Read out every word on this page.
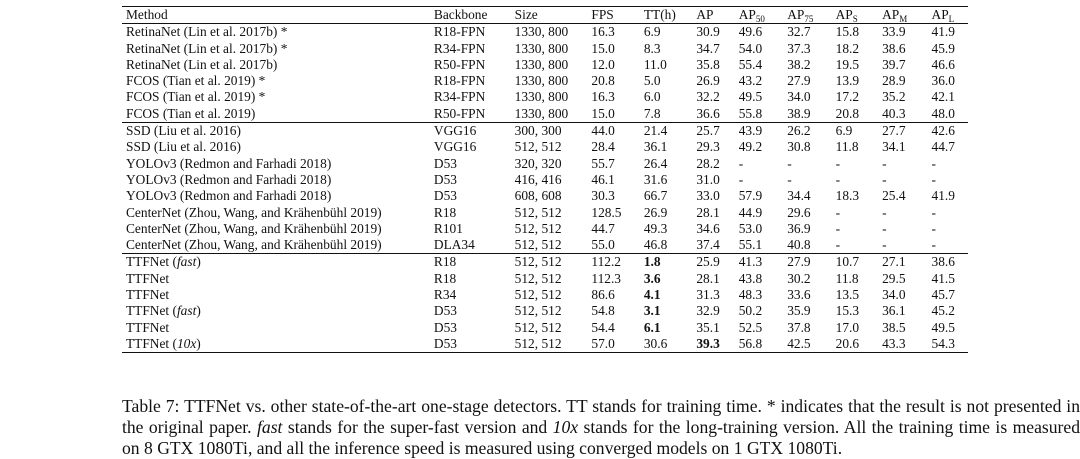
Method	Backbone	Size	FPS	TT(h)	AP	$AP_{50}$	$AP_{75}$	$AP_S$	$AP_M$	$AP_L$
RetinaNet (Lin et al. 2017b) *	R18-FPN	1330, 800	16.3	6.9	30.9	49.6	32.7	15.8	33.9	41.9
RetinaNet (Lin et al. 2017b) *	R34-FPN	1330, 800	15.0	8.3	34.7	54.0	37.3	18.2	38.6	45.9
RetinaNet (Lin et al. 2017b)	R50-FPN	1330, 800	12.0	11.0	35.8	55.4	38.2	19.5	39.7	46.6
FCOS (Tian et al. 2019) *	R18-FPN	1330, 800	20.8	5.0	26.9	43.2	27.9	13.9	28.9	36.0
FCOS (Tian et al. 2019) *	R34-FPN	1330, 800	16.3	6.0	32.2	49.5	34.0	17.2	35.2	42.1
FCOS (Tian et al. 2019)	R50-FPN	1330, 800	15.0	7.8	36.6	55.8	38.9	20.8	40.3	48.0
SSD (Liu et al. 2016)	VGG16	300, 300	44.0	21.4	25.7	43.9	26.2	6.9	27.7	42.6
SSD (Liu et al. 2016)	VGG16	512, 512	28.4	36.1	29.3	49.2	30.8	11.8	34.1	44.7
YOLOv3 (Redmon and Farhadi 2018)	D53	320, 320	55.7	26.4	28.2	-	-	-	-	-
YOLOv3 (Redmon and Farhadi 2018)	D53	416, 416	46.1	31.6	31.0	-	-	-	-	-
YOLOv3 (Redmon and Farhadi 2018)	D53	608, 608	30.3	66.7	33.0	57.9	34.4	18.3	25.4	41.9
CenterNet (Zhou, Wang, and Krähenbühl 2019)	R18	512, 512	128.5	26.9	28.1	44.9	29.6	-	-	-
CenterNet (Zhou, Wang, and Krähenbühl 2019)	R101	512, 512	44.7	49.3	34.6	53.0	36.9	-	-	-
CenterNet (Zhou, Wang, and Krähenbühl 2019)	DLA34	512, 512	55.0	46.8	37.4	55.1	40.8	-	-	-
TTFNet (fast)	R18	512, 512	112.2	1.8	25.9	41.3	27.9	10.7	27.1	38.6
TTFNet	R18	512, 512	112.3	3.6	28.1	43.8	30.2	11.8	29.5	41.5
TTFNet	R34	512, 512	86.6	4.1	31.3	48.3	33.6	13.5	34.0	45.7
TTFNet (fast)	D53	512, 512	54.8	3.1	32.9	50.2	35.9	15.3	36.1	45.2
TTFNet	D53	512, 512	54.4	6.1	35.1	52.5	37.8	17.0	38.5	49.5
TTFNet (10x)	D53	512, 512	57.0	30.6	39.3	56.8	42.5	20.6	43.3	54.3

Table 7: TTFNet vs. other state-of-the-art one-stage detectors. TT stands for training time. * indicates that the result is not presented in the original paper. fast stands for the super-fast version and 10x stands for the long-training version. All the training time is measured on 8 GTX 1080Ti, and all the inference speed is measured using converged models on 1 GTX 1080Ti.
